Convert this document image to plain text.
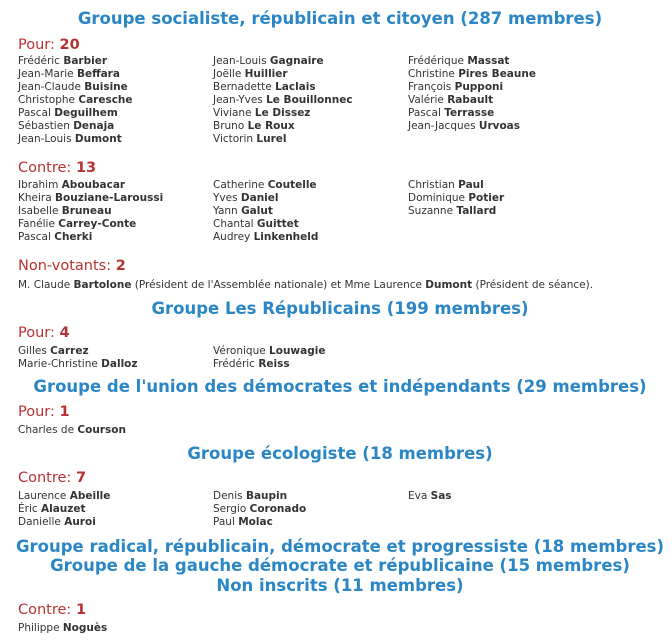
Groupe socialiste, républicain et citoyen (287 membres)
Pour: 20
Frédéric Barbier
Jean-Marie Beffara
Jean-Claude Buisine
Christophe Caresche
Pascal Deguilhem
Sébastien Denaja
Jean-Louis Dumont
Jean-Louis Gagnaire
Joëlle Huillier
Bernadette Laclais
Jean-Yves Le Bouillonnec
Viviane Le Dissez
Bruno Le Roux
Victorin Lurel
Frédérique Massat
Christine Pires Beaune
François Pupponi
Valérie Rabault
Pascal Terrasse
Jean-Jacques Urvoas
Contre: 13
Ibrahim Aboubacar
Kheira Bouziane-Laroussi
Isabelle Bruneau
Fanélie Carrey-Conte
Pascal Cherki
Catherine Coutelle
Yves Daniel
Yann Galut
Chantal Guittet
Audrey Linkenheld
Christian Paul
Dominique Potier
Suzanne Tallard
Non-votants: 2
M. Claude Bartolone (Président de l'Assemblée nationale) et Mme Laurence Dumont (Président de séance).
Groupe Les Républicains (199 membres)
Pour: 4
Gilles Carrez
Marie-Christine Dalloz
Véronique Louwagie
Frédéric Reiss
Groupe de l'union des démocrates et indépendants (29 membres)
Pour: 1
Charles de Courson
Groupe écologiste (18 membres)
Contre: 7
Laurence Abeille
Éric Alauzet
Danielle Auroi
Denis Baupin
Sergio Coronado
Paul Molac
Eva Sas
Groupe radical, républicain, démocrate et progressiste (18 membres)
Groupe de la gauche démocrate et républicaine (15 membres)
Non inscrits (11 membres)
Contre: 1
Philippe Noguès
